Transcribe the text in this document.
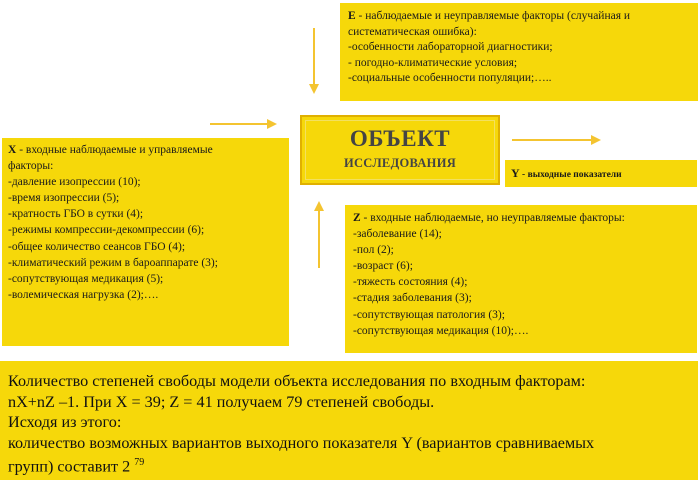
E - наблюдаемые и неуправляемые факторы (случайная и
систематическая ошибка):
-особенности лабораторной диагностики;
- погодно-климатические условия;
-социальные особенности популяции;…..
ОБЪЕКТ
ИССЛЕДОВАНИЯ
X - входные наблюдаемые и управляемые
факторы:
-давление изопрессии (10);
-время изопрессии (5);
-кратность ГБО в сутки (4);
-режимы компрессии-декомпрессии (6);
-общее количество сеансов ГБО (4);
-климатический режим в бароаппарате (3);
-сопутствующая медикация (5);
-волемическая нагрузка (2);….
Y - выходные показатели
Z - входные наблюдаемые, но неуправляемые факторы:
-заболевание (14);
-пол (2);
-возраст (6);
-тяжесть состояния (4);
-стадия заболевания (3);
-сопутствующая патология (3);
-сопутствующая медикация (10);….
Количество степеней свободы модели объекта исследования по входным факторам:
nX+nZ –1. При X = 39; Z = 41 получаем 79 степеней свободы.
Исходя из этого:
количество возможных вариантов выходного показателя Y (вариантов сравниваемых
групп) составит 2 $^{79}$
